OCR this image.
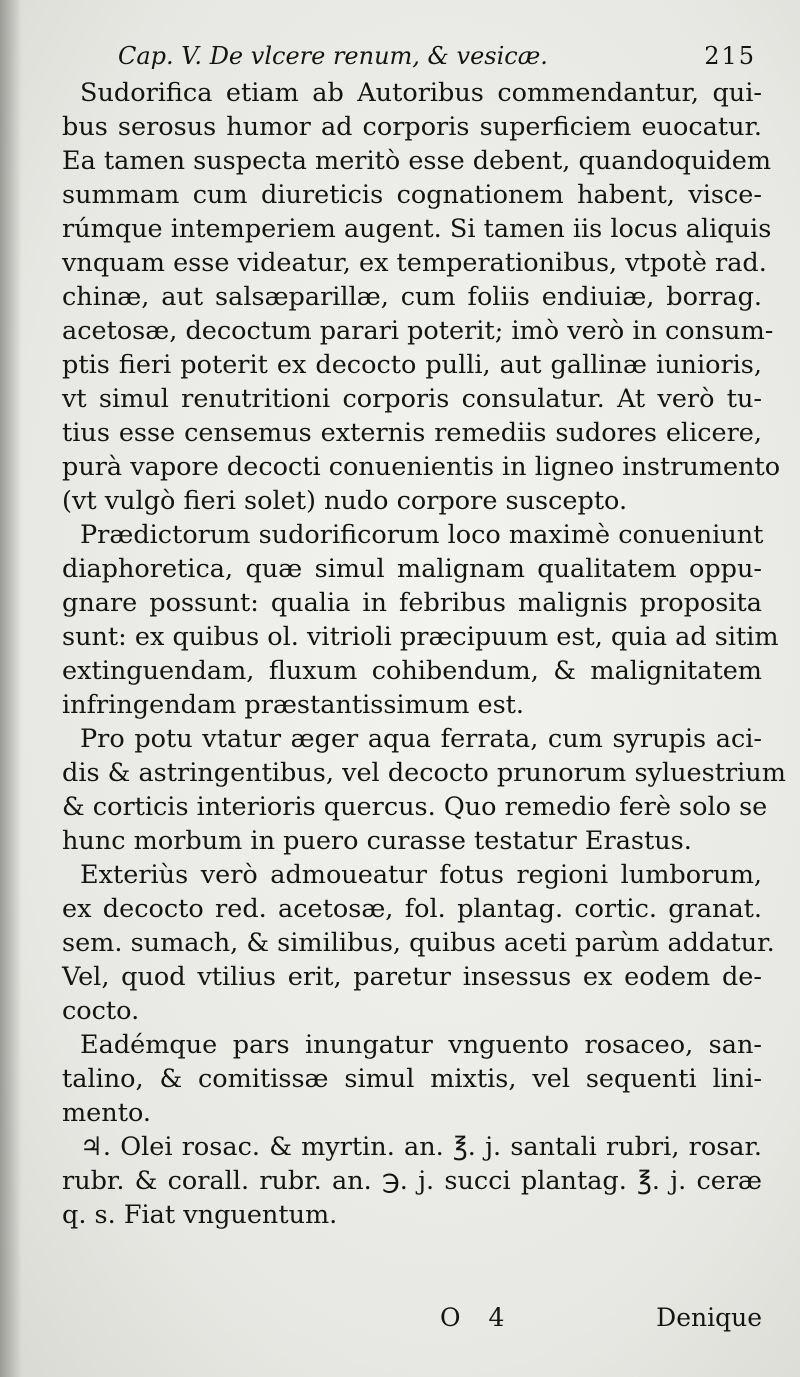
Cap. V. De vlcere renum, & vesicæ.	215
Sudorifica etiam ab Autoribus commendantur, qui-
bus serosus humor ad corporis superficiem euocatur.
Ea tamen suspecta meritò esse debent, quandoquidem
summam cum diureticis cognationem habent, visce-
rúmque intemperiem augent. Si tamen iis locus aliquis
vnquam esse videatur, ex temperationibus, vtpotè rad.
chinæ, aut salsæparillæ, cum foliis endiuiæ, borrag.
acetosæ, decoctum parari poterit; imò verò in consum-
ptis fieri poterit ex decocto pulli, aut gallinæ iunioris,
vt simul renutritioni corporis consulatur. At verò tu-
tius esse censemus externis remediis sudores elicere,
purà vapore decocti conuenientis in ligneo instrumento
(vt vulgò fieri solet) nudo corpore suscepto.
Prædictorum sudorificorum loco maximè conueniunt
diaphoretica, quæ simul malignam qualitatem oppu-
gnare possunt: qualia in febribus malignis proposita
sunt: ex quibus ol. vitrioli præcipuum est, quia ad sitim
extinguendam, fluxum cohibendum, & malignitatem
infringendam præstantissimum est.
Pro potu vtatur æger aqua ferrata, cum syrupis aci-
dis & astringentibus, vel decocto prunorum syluestrium
& corticis interioris quercus. Quo remedio ferè solo se
hunc morbum in puero curasse testatur Erastus.
Exteriùs verò admoueatur fotus regioni lumborum,
ex decocto red. acetosæ, fol. plantag. cortic. granat.
sem. sumach, & similibus, quibus aceti parùm addatur.
Vel, quod vtilius erit, paretur insessus ex eodem de-
cocto.
Eadémque pars inungatur vnguento rosaceo, san-
talino, & comitissæ simul mixtis, vel sequenti lini-
mento.
♃. Olei rosac. & myrtin. an. ℥. j. santali rubri, rosar.
rubr. & corall. rubr. an. ℈. j. succi plantag. ℥. j. ceræ
q. s. Fiat vnguentum.
O 4	Denique
